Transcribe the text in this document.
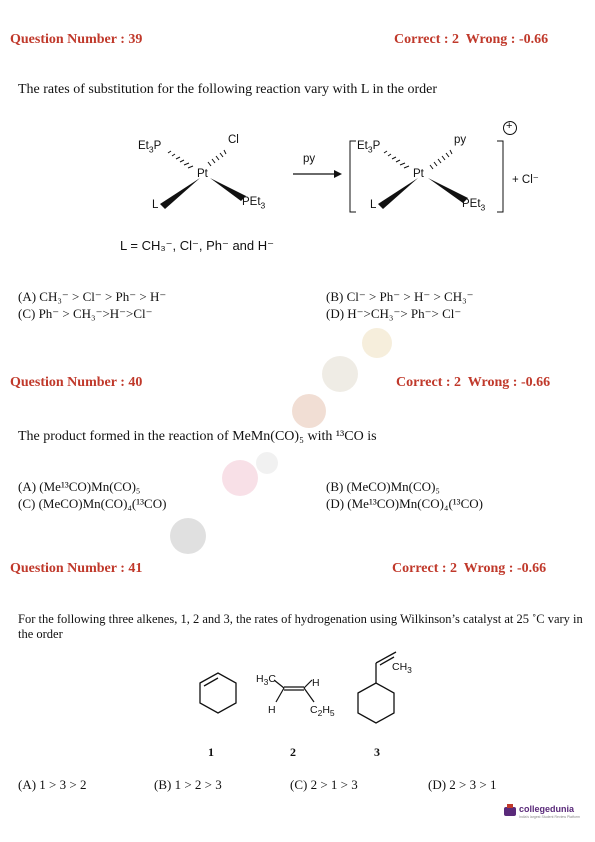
Question Number : 39	Correct : 2  Wrong : -0.66
The rates of substitution for the following reaction vary with L in the order
$Et_3P$	Cl
Pt
L	PEt$_3$
py
$Et_3P$	py
Pt
L	PEt$_3$
+
+ Cl⁻
L = CH₃⁻, Cl⁻, Ph⁻ and H⁻
(A) CH₃⁻ > Cl⁻ > Ph⁻ > H⁻	(B) Cl⁻ > Ph⁻ > H⁻ > CH₃⁻
(C) Ph⁻ > CH₃⁻>H⁻>Cl⁻	(D) H⁻>CH₃⁻> Ph⁻> Cl⁻
Question Number : 40	Correct : 2  Wrong : -0.66
The product formed in the reaction of MeMn(CO)₅ with ¹³CO is
(A) (Me¹³CO)Mn(CO)₅	(B) (MeCO)Mn(CO)₅
(C) (MeCO)Mn(CO)₄(¹³CO)	(D) (Me¹³CO)Mn(CO)₄(¹³CO)
Question Number : 41	Correct : 2  Wrong : -0.66
For the following three alkenes, 1, 2 and 3, the rates of hydrogenation using Wilkinson’s catalyst at 25 ˚C vary in the order
$H_3C$	H
H	$C_2H_5$
$CH_3$
1	2	3
(A) 1 > 3 > 2	(B) 1 > 2 > 3	(C) 2 > 1 > 3	(D) 2 > 3 > 1
collegedunia
India's largest Student Review Platform
